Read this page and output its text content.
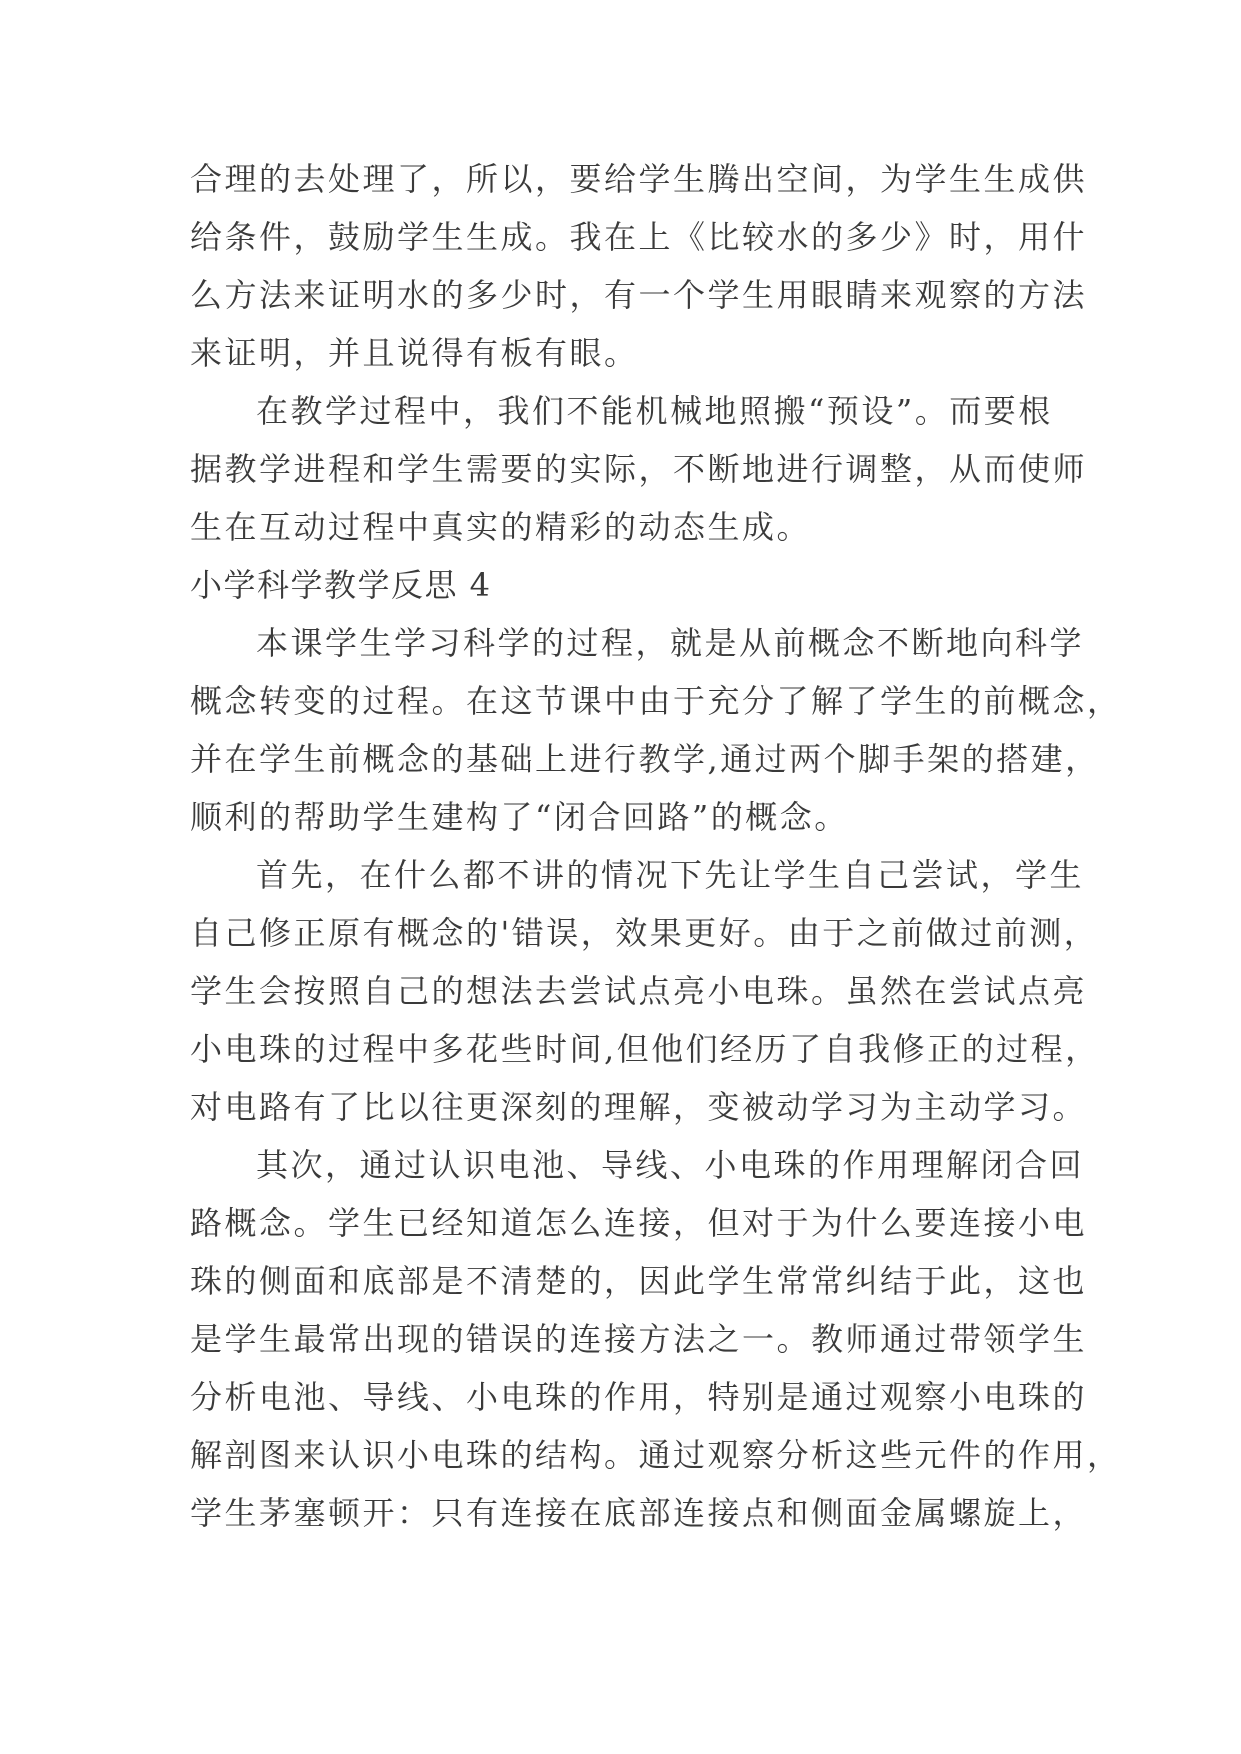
合理的去处理了，所以，要给学生腾出空间，为学生生成供
给条件，鼓励学生生成。我在上《比较水的多少》时，用什
么方法来证明水的多少时，有一个学生用眼睛来观察的方法
来证明，并且说得有板有眼。
在教学过程中，我们不能机械地照搬“预设”。而要根
据教学进程和学生需要的实际，不断地进行调整，从而使师
生在互动过程中真实的精彩的动态生成。
小学科学教学反思 4
本课学生学习科学的过程，就是从前概念不断地向科学
概念转变的过程。在这节课中由于充分了解了学生的前概念，
并在学生前概念的基础上进行教学,通过两个脚手架的搭建，
顺利的帮助学生建构了“闭合回路”的概念。
首先，在什么都不讲的情况下先让学生自己尝试，学生
自己修正原有概念的'错误，效果更好。由于之前做过前测，
学生会按照自己的想法去尝试点亮小电珠。虽然在尝试点亮
小电珠的过程中多花些时间,但他们经历了自我修正的过程，
对电路有了比以往更深刻的理解，变被动学习为主动学习。
其次，通过认识电池、导线、小电珠的作用理解闭合回
路概念。学生已经知道怎么连接，但对于为什么要连接小电
珠的侧面和底部是不清楚的，因此学生常常纠结于此，这也
是学生最常出现的错误的连接方法之一。教师通过带领学生
分析电池、导线、小电珠的作用，特别是通过观察小电珠的
解剖图来认识小电珠的结构。通过观察分析这些元件的作用，
学生茅塞顿开：只有连接在底部连接点和侧面金属螺旋上，
